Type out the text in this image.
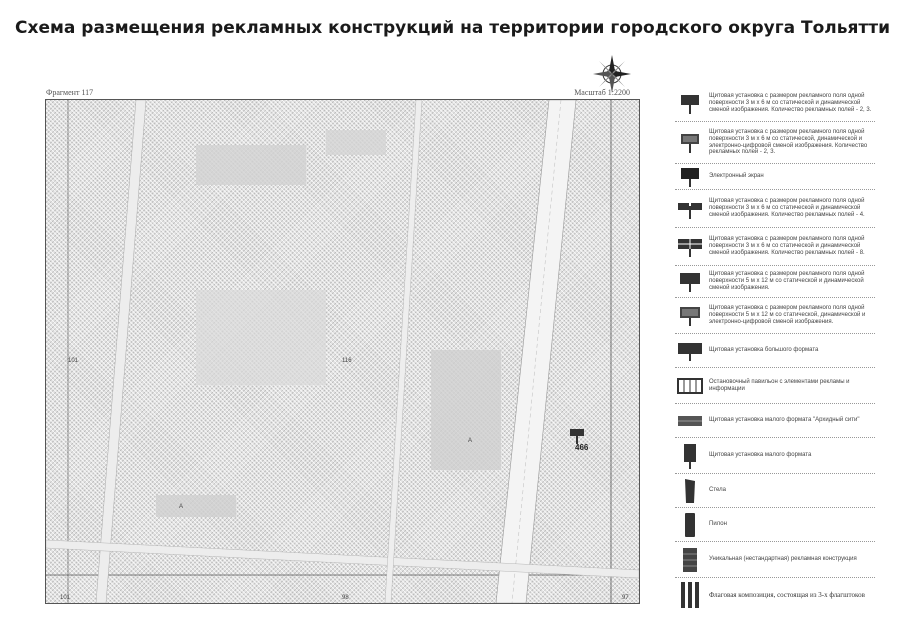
Схема размещения рекламных конструкций на территории городского округа Тольятти
Фрагмент 117	Масштаб 1:2200
466
101	116
101	98	97
А
А
Щитовая установка с размером рекламного поля одной поверхности 3 м х 6 м со статической и динамической сменой изображения. Количество рекламных полей - 2, 3.
Щитовая установка с размером рекламного поля одной поверхности 3 м х 6 м со статической, динамической и электронно-цифровой сменой изображения. Количество рекламных полей - 2, 3.
Электронный экран
Щитовая установка с размером рекламного поля одной поверхности 3 м х 6 м со статической и динамической сменой изображения. Количество рекламных полей - 4.
Щитовая установка с размером рекламного поля одной поверхности 3 м х 6 м со статической и динамической сменой изображения. Количество рекламных полей - 8.
Щитовая установка с размером рекламного поля одной поверхности 5 м х 12 м со статической и динамической сменой изображения.
Щитовая установка с размером рекламного поля одной поверхности 5 м х 12 м со статической, динамической и электронно-цифровой сменой изображения.
Щитовая установка большого формата
Остановочный павильон с элементами рекламы и информации
Щитовая установка малого формата "Архидный сити"
Щитовая установка малого формата
Стела
Пилон
Уникальная (нестандартная) рекламная конструкция
Флаговая композиция, состоящая из 3-х флагштоков
